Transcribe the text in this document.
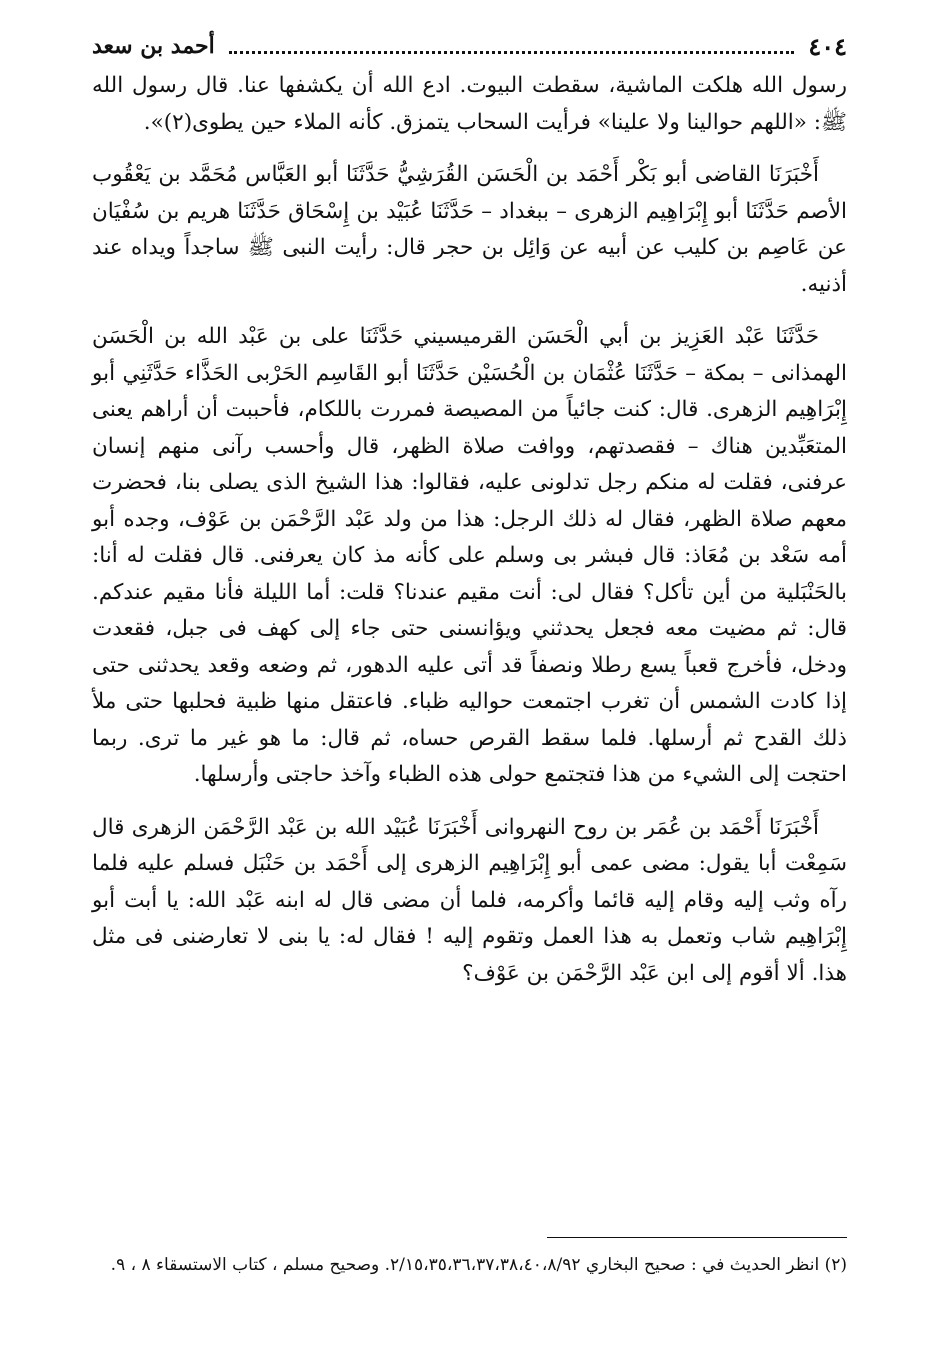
٤٠٤
أحمد بن سعد

رسول الله هلكت الماشية، سقطت البيوت. ادع الله أن يكشفها عنا. قال رسول الله ﷺ: «اللهم حوالينا ولا علينا» فرأيت السحاب يتمزق. كأنه الملاء حين يطوى(٢)».

أَخْبَرَنَا القاضى أبو بَكْر أَحْمَد بن الْحَسَن القُرَشِيُّ حَدَّثَنَا أبو العَبَّاس مُحَمَّد بن يَعْقُوب الأصم حَدَّثَنَا أبو إِبْرَاهِيم الزهرى – ببغداد – حَدَّثَنَا عُبَيْد بن إِسْحَاق حَدَّثَنَا هريم بن سُفْيَان عن عَاصِم بن كليب عن أبيه عن وَائِل بن حجر قال: رأيت النبى ﷺ ساجداً ويداه عند أذنيه.

حَدَّثَنَا عَبْد العَزِيز بن أبي الْحَسَن القرميسيني حَدَّثَنَا على بن عَبْد الله بن الْحَسَن الهمذانى – بمكة – حَدَّثَنَا عُثْمَان بن الْحُسَيْن حَدَّثَنَا أبو القَاسِم الحَرْبى الحَذَّاء حَدَّثَنِي أبو إِبْرَاهِيم الزهرى. قال: كنت جائياً من المصيصة فمررت باللكام، فأحببت أن أراهم يعنى المتعَبِّدين هناك – فقصدتهم، ووافت صلاة الظهر، قال وأحسب رآنى منهم إنسان عرفنى، فقلت له منكم رجل تدلونى عليه، فقالوا: هذا الشيخ الذى يصلى بنا، فحضرت معهم صلاة الظهر، فقال له ذلك الرجل: هذا من ولد عَبْد الرَّحْمَن بن عَوْف، وجده أبو أمه سَعْد بن مُعَاذ: قال فبشر بى وسلم على كأنه مذ كان يعرفنى. قال فقلت له أنا: بالحَنْبَلية من أين تأكل؟ فقال لى: أنت مقيم عندنا؟ قلت: أما الليلة فأنا مقيم عندكم. قال: ثم مضيت معه فجعل يحدثني ويؤانسنى حتى جاء إلى كهف فى جبل، فقعدت ودخل، فأخرج قعباً يسع رطلا ونصفاً قد أتى عليه الدهور، ثم وضعه وقعد يحدثنى حتى إذا كادت الشمس أن تغرب اجتمعت حواليه ظباء. فاعتقل منها ظبية فحلبها حتى ملأ ذلك القدح ثم أرسلها. فلما سقط القرص حساه، ثم قال: ما هو غير ما ترى. ربما احتجت إلى الشيء من هذا فتجتمع حولى هذه الظباء وآخذ حاجتى وأرسلها.

أَخْبَرَنَا أَحْمَد بن عُمَر بن روح النهروانى أَخْبَرَنَا عُبَيْد الله بن عَبْد الرَّحْمَن الزهرى قال سَمِعْت أبا يقول: مضى عمى أبو إِبْرَاهِيم الزهرى إلى أَحْمَد بن حَنْبَل فسلم عليه فلما رآه وثب إليه وقام إليه قائما وأكرمه، فلما أن مضى قال له ابنه عَبْد الله: يا أبت أبو إِبْرَاهِيم شاب وتعمل به هذا العمل وتقوم إليه ! فقال له: يا بنى لا تعارضنى فى مثل هذا. ألا أقوم إلى ابن عَبْد الرَّحْمَن بن عَوْف؟

(٢) انظر الحديث في : صحيح البخاري ٢/١٥،٣٥،٣٦،٣٧،٣٨،٤٠،٨/٩٢. وصحيح مسلم ، كتاب الاستسقاء ٨ ، ٩.
